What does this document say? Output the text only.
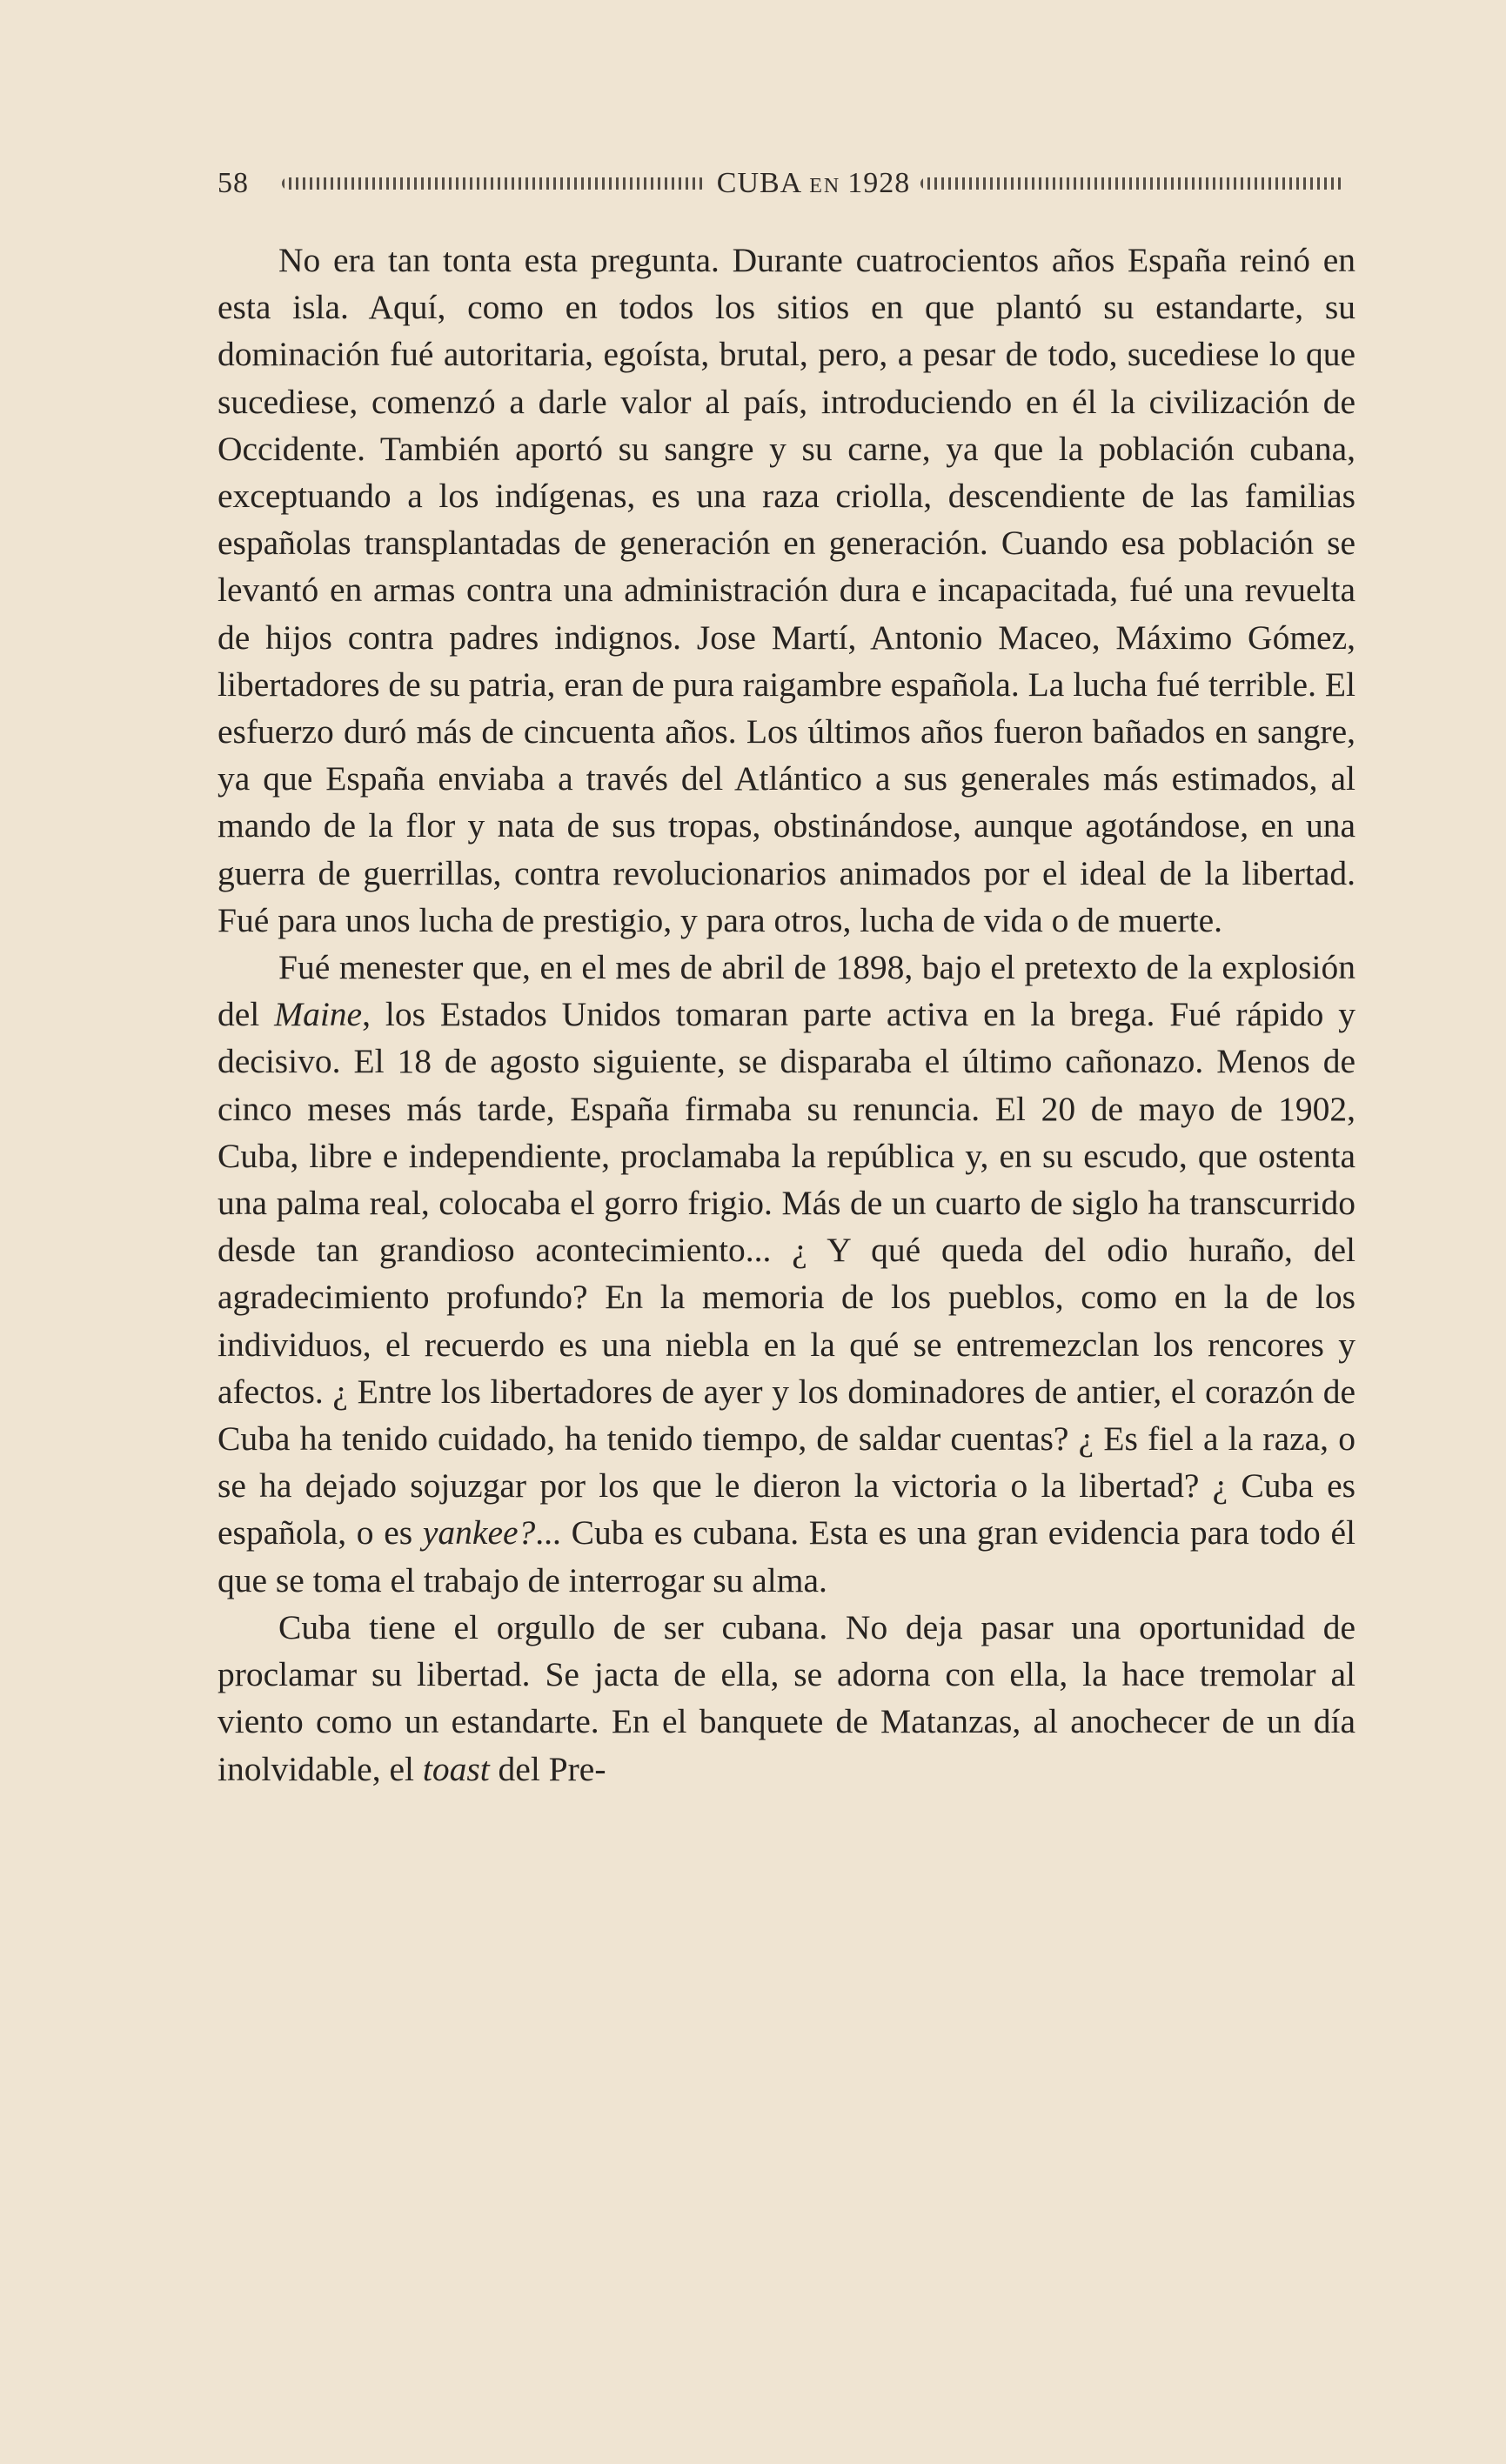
58	CUBA EN 1928

No era tan tonta esta pregunta. Durante cuatrocientos años España reinó en esta isla. Aquí, como en todos los sitios en que plantó su estandarte, su dominación fué autoritaria, egoísta, brutal, pero, a pesar de todo, sucediese lo que sucediese, comenzó a darle valor al país, introduciendo en él la civilización de Occidente. También aportó su sangre y su carne, ya que la población cubana, exceptuando a los indígenas, es una raza criolla, descendiente de las familias españolas transplantadas de generación en generación. Cuando esa población se levantó en armas contra una administración dura e incapacitada, fué una revuelta de hijos contra padres indignos. Jose Martí, Antonio Maceo, Máximo Gómez, libertadores de su patria, eran de pura raigambre española. La lucha fué terrible. El esfuerzo duró más de cincuenta años. Los últimos años fueron bañados en sangre, ya que España enviaba a través del Atlántico a sus generales más estimados, al mando de la flor y nata de sus tropas, obstinándose, aunque agotándose, en una guerra de guerrillas, contra revolucionarios animados por el ideal de la libertad. Fué para unos lucha de prestigio, y para otros, lucha de vida o de muerte.

Fué menester que, en el mes de abril de 1898, bajo el pretexto de la explosión del Maine, los Estados Unidos tomaran parte activa en la brega. Fué rápido y decisivo. El 18 de agosto siguiente, se disparaba el último cañonazo. Menos de cinco meses más tarde, España firmaba su renuncia. El 20 de mayo de 1902, Cuba, libre e independiente, proclamaba la república y, en su escudo, que ostenta una palma real, colocaba el gorro frigio. Más de un cuarto de siglo ha transcurrido desde tan grandioso acontecimiento... ¿ Y qué queda del odio huraño, del agradecimiento profundo? En la memoria de los pueblos, como en la de los individuos, el recuerdo es una niebla en la qué se entremezclan los rencores y afectos. ¿ Entre los libertadores de ayer y los dominadores de antier, el corazón de Cuba ha tenido cuidado, ha tenido tiempo, de saldar cuentas? ¿ Es fiel a la raza, o se ha dejado sojuzgar por los que le dieron la victoria o la libertad? ¿ Cuba es española, o es yankee?... Cuba es cubana. Esta es una gran evidencia para todo él que se toma el trabajo de interrogar su alma.

Cuba tiene el orgullo de ser cubana. No deja pasar una oportunidad de proclamar su libertad. Se jacta de ella, se adorna con ella, la hace tremolar al viento como un estandarte. En el banquete de Matanzas, al anochecer de un día inolvidable, el toast del Pre-
